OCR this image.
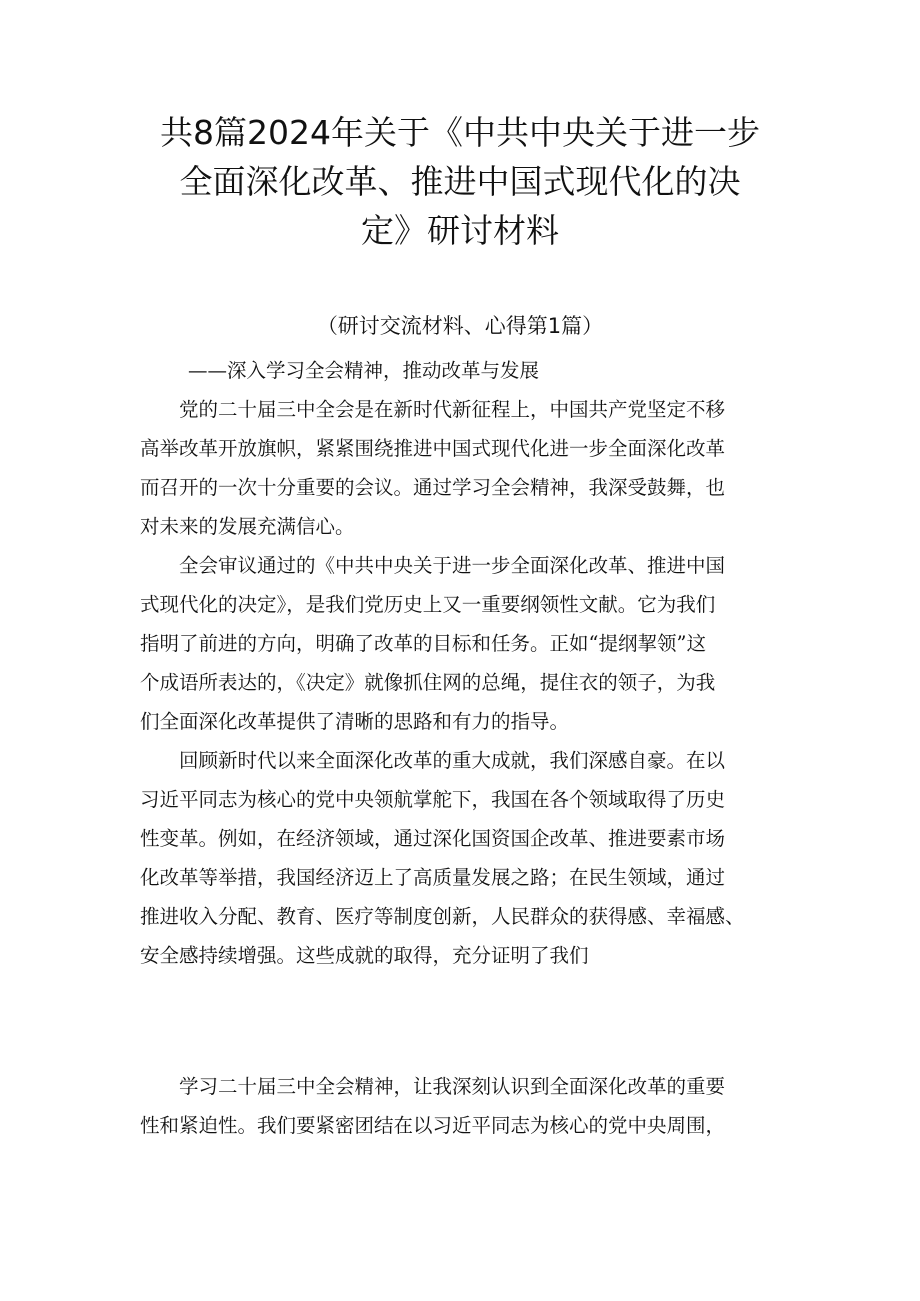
共8篇2024年关于《中共中央关于进一步
全面深化改革、推进中国式现代化的决
定》研讨材料
（研讨交流材料、心得第1篇）
——深入学习全会精神，推动改革与发展
党的二十届三中全会是在新时代新征程上，中国共产党坚定不移
高举改革开放旗帜，紧紧围绕推进中国式现代化进一步全面深化改革
而召开的一次十分重要的会议。通过学习全会精神，我深受鼓舞，也
对未来的发展充满信心。
全会审议通过的《中共中央关于进一步全面深化改革、推进中国
式现代化的决定》，是我们党历史上又一重要纲领性文献。它为我们
指明了前进的方向，明确了改革的目标和任务。正如“提纲挈领”这
个成语所表达的，《决定》就像抓住网的总绳，提住衣的领子，为我
们全面深化改革提供了清晰的思路和有力的指导。
回顾新时代以来全面深化改革的重大成就，我们深感自豪。在以
习近平同志为核心的党中央领航掌舵下，我国在各个领域取得了历史
性变革。例如，在经济领域，通过深化国资国企改革、推进要素市场
化改革等举措，我国经济迈上了高质量发展之路；在民生领域，通过
推进收入分配、教育、医疗等制度创新，人民群众的获得感、幸福感、
安全感持续增强。这些成就的取得，充分证明了我们
学习二十届三中全会精神，让我深刻认识到全面深化改革的重要
性和紧迫性。我们要紧密团结在以习近平同志为核心的党中央周围，
